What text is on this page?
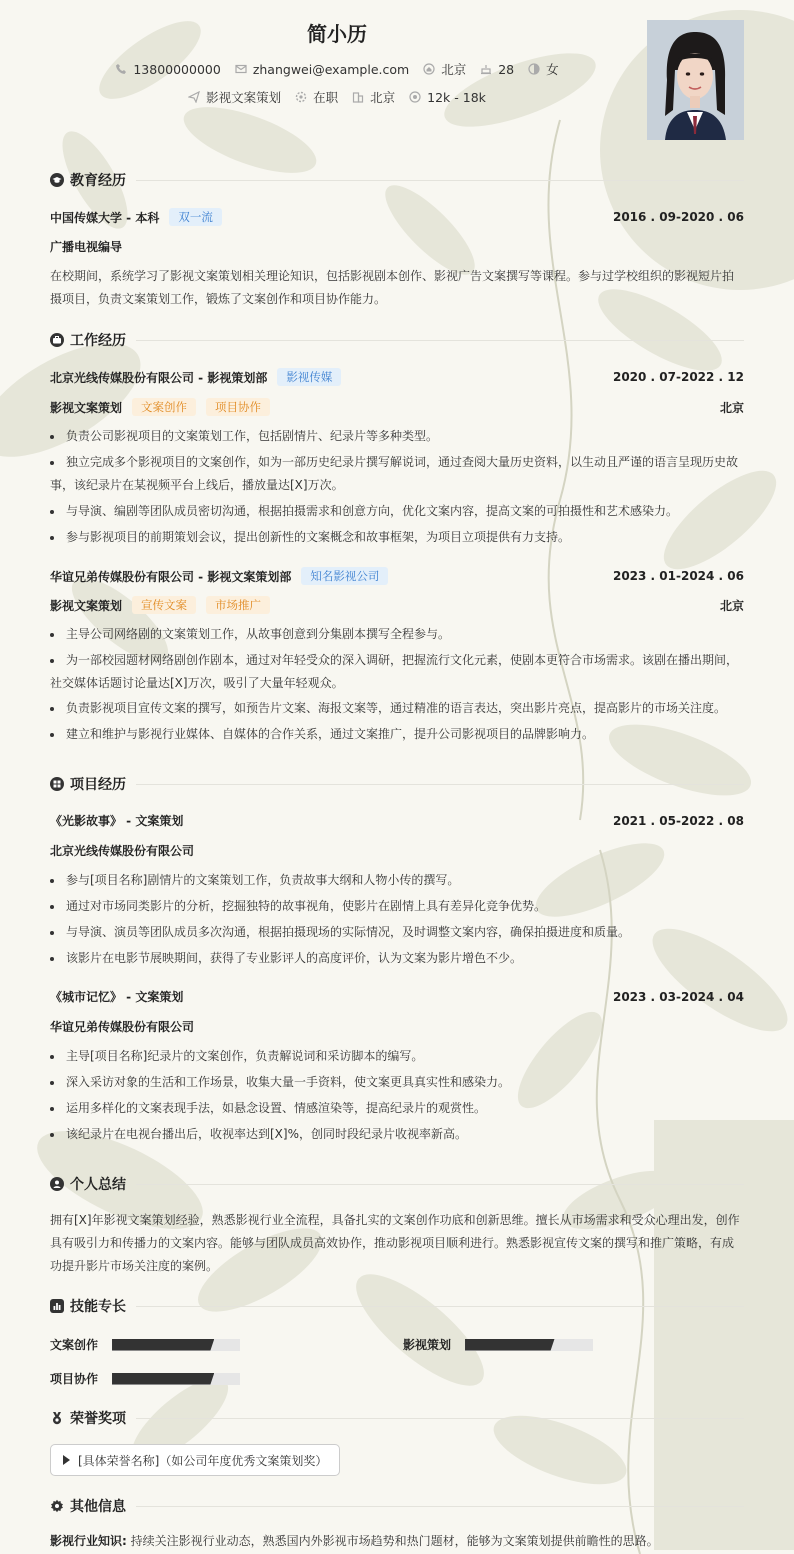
简小历
13800000000	zhangwei@example.com	北京	28	女
影视文案策划	在职	北京	12k - 18k
教育经历
中国传媒大学 - 本科	双一流	2016 . 09-2020 . 06
广播电视编导

在校期间，系统学习了影视文案策划相关理论知识，包括影视剧本创作、影视广告文案撰写等课程。参与过学校组织的影视短片拍摄项目，负责文案策划工作，锻炼了文案创作和项目协作能力。

工作经历
北京光线传媒股份有限公司 - 影视策划部	影视传媒	2020 . 07-2022 . 12
影视文案策划	文案创作	项目协作	北京
负责公司影视项目的文案策划工作，包括剧情片、纪录片等多种类型。
独立完成多个影视项目的文案创作，如为一部历史纪录片撰写解说词，通过查阅大量历史资料，以生动且严谨的语言呈现历史故事，该纪录片在某视频平台上线后，播放量达[X]万次。
与导演、编剧等团队成员密切沟通，根据拍摄需求和创意方向，优化文案内容，提高文案的可拍摄性和艺术感染力。
参与影视项目的前期策划会议，提出创新性的文案概念和故事框架，为项目立项提供有力支持。
华谊兄弟传媒股份有限公司 - 影视文案策划部	知名影视公司	2023 . 01-2024 . 06
影视文案策划	宣传文案	市场推广	北京
主导公司网络剧的文案策划工作，从故事创意到分集剧本撰写全程参与。
为一部校园题材网络剧创作剧本，通过对年轻受众的深入调研，把握流行文化元素，使剧本更符合市场需求。该剧在播出期间，社交媒体话题讨论量达[X]万次，吸引了大量年轻观众。
负责影视项目宣传文案的撰写，如预告片文案、海报文案等，通过精准的语言表达，突出影片亮点，提高影片的市场关注度。
建立和维护与影视行业媒体、自媒体的合作关系，通过文案推广，提升公司影视项目的品牌影响力。
项目经历
《光影故事》 - 文案策划	2021 . 05-2022 . 08
北京光线传媒股份有限公司
参与[项目名称]剧情片的文案策划工作，负责故事大纲和人物小传的撰写。
通过对市场同类影片的分析，挖掘独特的故事视角，使影片在剧情上具有差异化竞争优势。
与导演、演员等团队成员多次沟通，根据拍摄现场的实际情况，及时调整文案内容，确保拍摄进度和质量。
该影片在电影节展映期间，获得了专业影评人的高度评价，认为文案为影片增色不少。
《城市记忆》 - 文案策划	2023 . 03-2024 . 04
华谊兄弟传媒股份有限公司
主导[项目名称]纪录片的文案创作，负责解说词和采访脚本的编写。
深入采访对象的生活和工作场景，收集大量一手资料，使文案更具真实性和感染力。
运用多样化的文案表现手法，如悬念设置、情感渲染等，提高纪录片的观赏性。
该纪录片在电视台播出后，收视率达到[X]%，创同时段纪录片收视率新高。
个人总结

拥有[X]年影视文案策划经验，熟悉影视行业全流程，具备扎实的文案创作功底和创新思维。擅长从市场需求和受众心理出发，创作具有吸引力和传播力的文案内容。能够与团队成员高效协作，推动影视项目顺利进行。熟悉影视宣传文案的撰写和推广策略，有成功提升影片市场关注度的案例。

技能专长
文案创作	影视策划
项目协作
荣誉奖项
[具体荣誉名称]（如公司年度优秀文案策划奖）
其他信息
影视行业知识: 持续关注影视行业动态，熟悉国内外影视市场趋势和热门题材，能够为文案策划提供前瞻性的思路。
